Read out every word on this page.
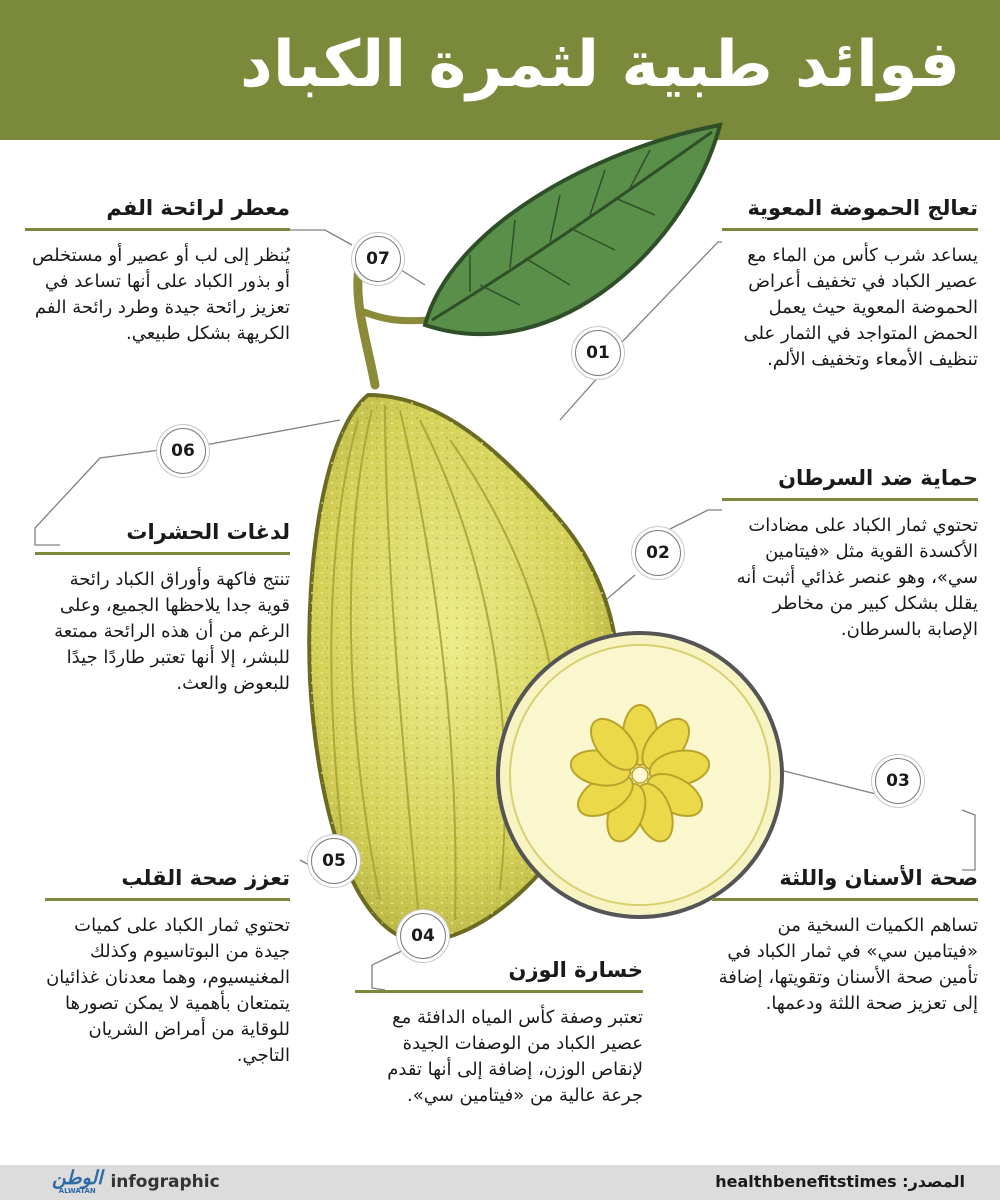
فوائد طبية لثمرة الكباد
تعالج الحموضة المعوية

يساعد شرب كأس من الماء مع عصير الكباد في تخفيف أعراض الحموضة المعوية حيث يعمل الحمض المتواجد في الثمار على تنظيف الأمعاء وتخفيف الألم.

01
حماية ضد السرطان

تحتوي ثمار الكباد على مضادات الأكسدة القوية مثل «فيتامين سي»، وهو عنصر غذائي أثبت أنه يقلل بشكل كبير من مخاطر الإصابة بالسرطان.

02
03
صحة الأسنان واللثة

تساهم الكميات السخية من «فيتامين سي» في ثمار الكباد في تأمين صحة الأسنان وتقويتها، إضافة إلى تعزيز صحة اللثة ودعمها.

04
خسارة الوزن

تعتبر وصفة كأس المياه الدافئة مع عصير الكباد من الوصفات الجيدة لإنقاص الوزن، إضافة إلى أنها تقدم جرعة عالية من «فيتامين سي».

05
تعزز صحة القلب

تحتوي ثمار الكباد على كميات جيدة من البوتاسيوم وكذلك المغنيسيوم، وهما معدنان غذائيان يتمتعان بأهمية لا يمكن تصورها للوقاية من أمراض الشريان التاجي.

06
لدغات الحشرات

تنتج فاكهة وأوراق الكباد رائحة قوية جدا يلاحظها الجميع، وعلى الرغم من أن هذه الرائحة ممتعة للبشر، إلا أنها تعتبر طاردًا جيدًا للبعوض والعث.

معطر لرائحة الفم

يُنظر إلى لب أو عصير أو مستخلص أو بذور الكباد على أنها تساعد في تعزيز رائحة جيدة وطرد رائحة الفم الكريهة بشكل طبيعي.

07
الوطن
ALWATAN infographic	المصدر: healthbenefitstimes
